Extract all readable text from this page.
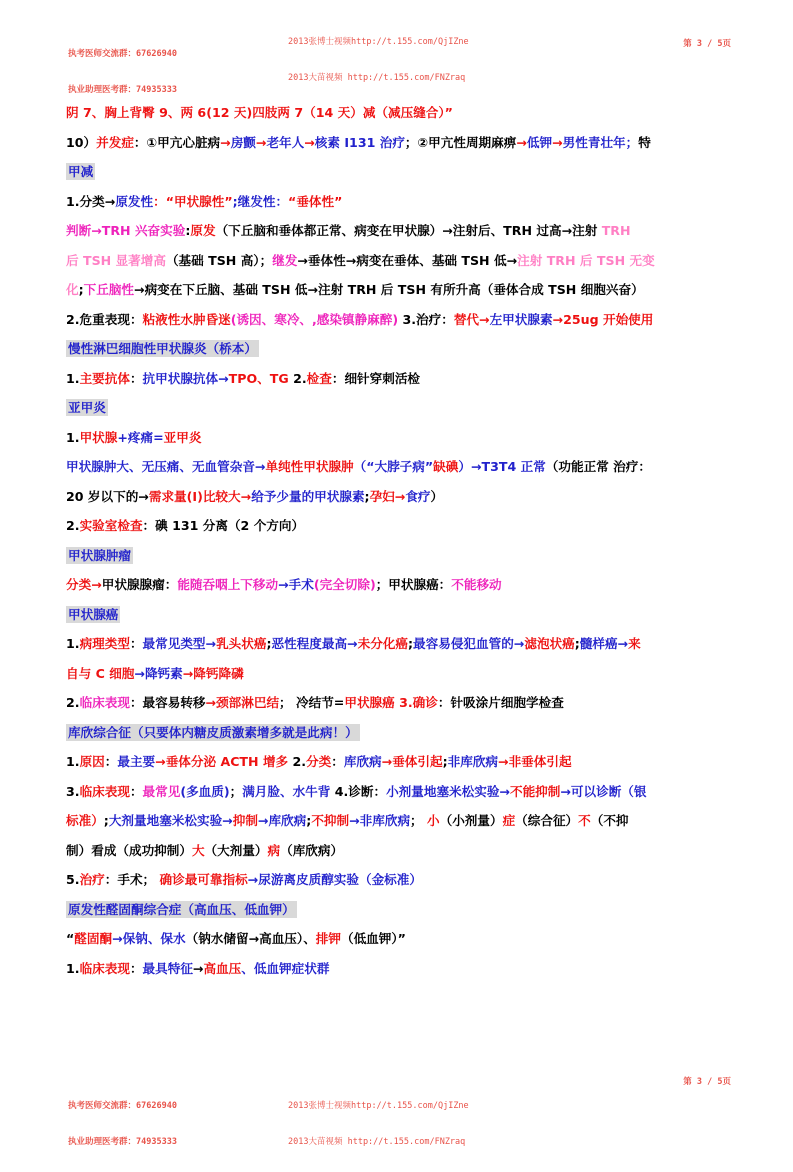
执考医师交流群：67626940

执业助理医考群：74935333

2013张博士视频http://t.155.com/QjIZne

2013大苗视频 http://t.155.com/FNZraq

第 3 / 5页
阴 7、胸上背臀 9、两 6(12 天)四肢两 7（14 天）减（减压缝合）”
10）并发症：①甲亢心脏病→房颤→老年人→核素 I131 治疗；②甲亢性周期麻痹→低钾→男性青壮年；特
甲减
1.分类→原发性：“甲状腺性”;继发性：“垂体性”
判断→TRH 兴奋实验:原发（下丘脑和垂体都正常、病变在甲状腺）→注射后、TRH 过高→注射 TRH
后 TSH 显著增高（基础 TSH 高）；继发→垂体性→病变在垂体、基础 TSH 低→注射 TRH 后 TSH 无变
化;下丘脑性→病变在下丘脑、基础 TSH 低→注射 TRH 后 TSH 有所升高（垂体合成 TSH 细胞兴奋）
2.危重表现：粘液性水肿昏迷(诱因、寒冷、,感染镇静麻醉) 3.治疗：替代→左甲状腺素→25ug 开始使用
慢性淋巴细胞性甲状腺炎（桥本）
1.主要抗体：抗甲状腺抗体→TPO、TG 2.检查：细针穿刺活检
亚甲炎
1.甲状腺+疼痛=亚甲炎
甲状腺肿大、无压痛、无血管杂音→单纯性甲状腺肿（“大脖子病”缺碘）→T3T4 正常（功能正常 治疗：
20 岁以下的→需求量(I)比较大→给予少量的甲状腺素;孕妇→食疗）
2.实验室检查：碘 131 分离（2 个方向）
甲状腺肿瘤
分类→甲状腺腺瘤：能随吞咽上下移动→手术(完全切除)；甲状腺癌：不能移动
甲状腺癌
1.病理类型：最常见类型→乳头状癌;恶性程度最高→未分化癌;最容易侵犯血管的→滤泡状癌;髓样癌→来
自与 C 细胞→降钙素→降钙降磷
2.临床表现：最容易转移→颈部淋巴结； 冷结节=甲状腺癌 3.确诊：针吸涂片细胞学检查
库欣综合征（只要体内糖皮质激素增多就是此病！）
1.原因：最主要→垂体分泌 ACTH 增多 2.分类：库欣病→垂体引起;非库欣病→非垂体引起
3.临床表现：最常见(多血质)；满月脸、水牛背 4.诊断：小剂量地塞米松实验→不能抑制→可以诊断（银
标准）;大剂量地塞米松实验→抑制→库欣病;不抑制→非库欣病； 小（小剂量）症（综合征）不（不抑
制）看成（成功抑制）大（大剂量）病（库欣病）
5.治疗：手术； 确诊最可靠指标→尿游离皮质醇实验（金标准）
原发性醛固酮综合症（高血压、低血钾）
“醛固酮→保钠、保水（钠水储留→高血压）、排钾（低血钾）”
1.临床表现：最具特征→高血压、低血钾症状群

执考医师交流群：67626940

执业助理医考群：74935333

2013张博士视频http://t.155.com/QjIZne

2013大苗视频 http://t.155.com/FNZraq

第 3 / 5页
